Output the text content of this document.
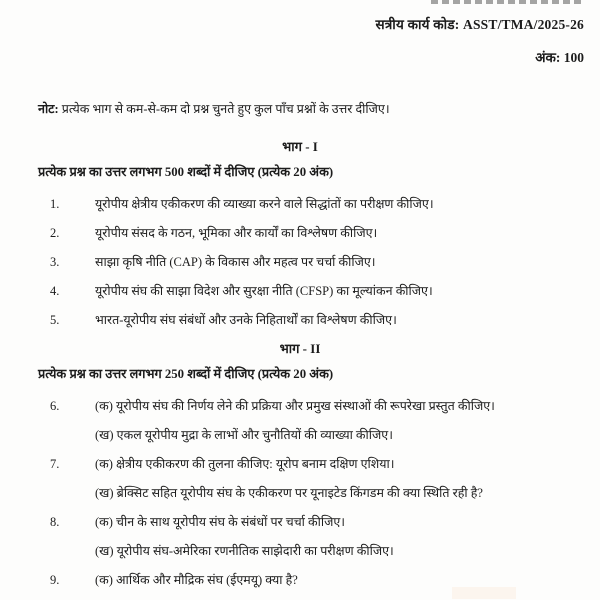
सत्रीय कार्य कोड: ASST/TMA/2025-26
अंक: 100
नोट: प्रत्येक भाग से कम-से-कम दो प्रश्न चुनते हुए कुल पाँच प्रश्नों के उत्तर दीजिए।
भाग - I
प्रत्येक प्रश्न का उत्तर लगभग 500 शब्दों में दीजिए (प्रत्येक 20 अंक)
1.	यूरोपीय क्षेत्रीय एकीकरण की व्याख्या करने वाले सिद्धांतों का परीक्षण कीजिए।
2.	यूरोपीय संसद के गठन, भूमिका और कार्यों का विश्लेषण कीजिए।
3.	साझा कृषि नीति (CAP) के विकास और महत्व पर चर्चा कीजिए।
4.	यूरोपीय संघ की साझा विदेश और सुरक्षा नीति (CFSP) का मूल्यांकन कीजिए।
5.	भारत-यूरोपीय संघ संबंधों और उनके निहितार्थों का विश्लेषण कीजिए।
भाग - II
प्रत्येक प्रश्न का उत्तर लगभग 250 शब्दों में दीजिए (प्रत्येक 20 अंक)
6.	(क) यूरोपीय संघ की निर्णय लेने की प्रक्रिया और प्रमुख संस्थाओं की रूपरेखा प्रस्तुत कीजिए।
(ख) एकल यूरोपीय मुद्रा के लाभों और चुनौतियों की व्याख्या कीजिए।
7.	(क) क्षेत्रीय एकीकरण की तुलना कीजिए: यूरोप बनाम दक्षिण एशिया।
(ख) ब्रेक्सिट सहित यूरोपीय संघ के एकीकरण पर यूनाइटेड किंगडम की क्या स्थिति रही है?
8.	(क) चीन के साथ यूरोपीय संघ के संबंधों पर चर्चा कीजिए।
(ख) यूरोपीय संघ-अमेरिका रणनीतिक साझेदारी का परीक्षण कीजिए।
9.	(क) आर्थिक और मौद्रिक संघ (ईएमयू) क्या है?
